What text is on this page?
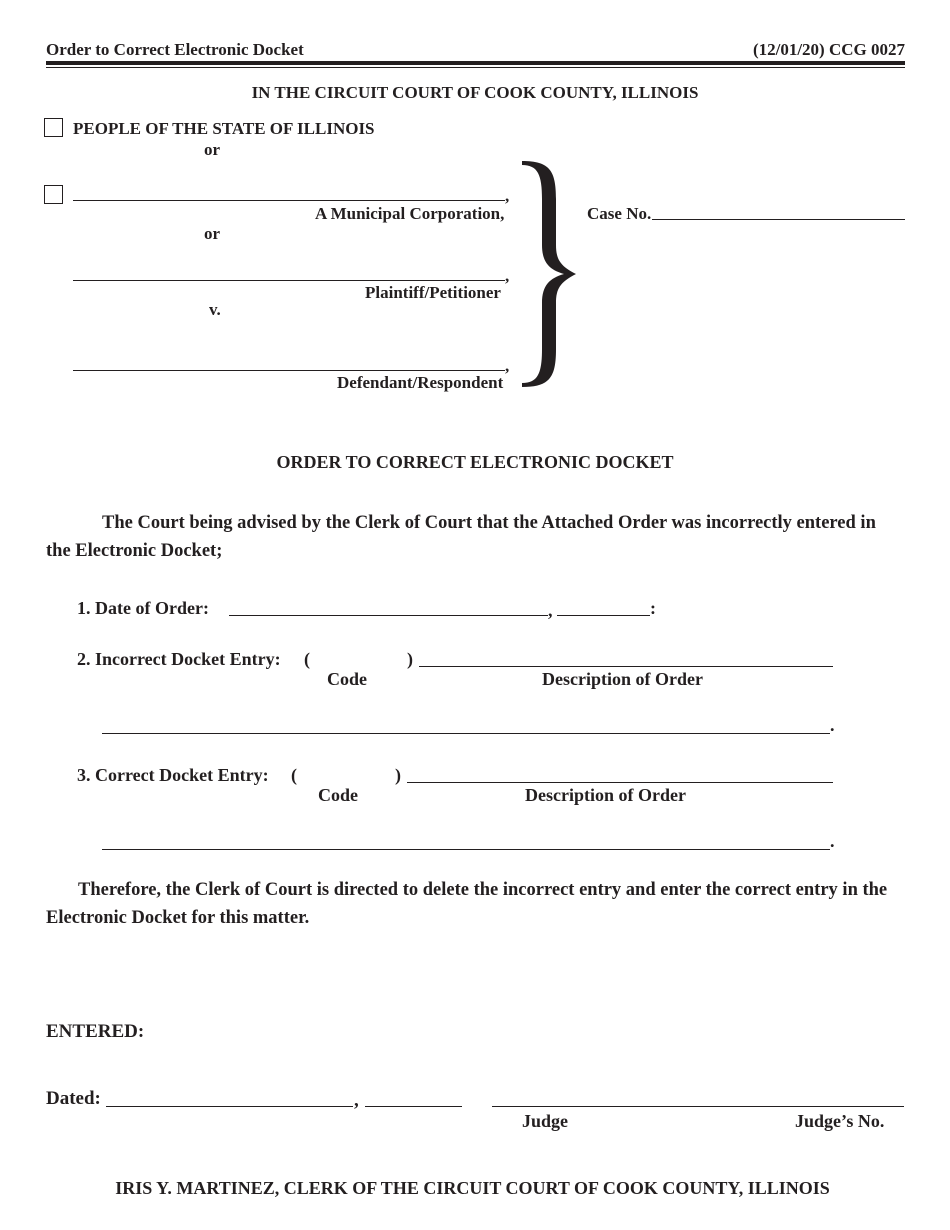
Order to Correct Electronic Docket	(12/01/20) CCG 0027
IN THE CIRCUIT COURT OF COOK COUNTY, ILLINOIS
PEOPLE OF THE STATE OF ILLINOIS
or
,
A Municipal Corporation,
or
,
Plaintiff/Petitioner
v.
,
Defendant/Respondent
Case No.
ORDER TO CORRECT ELECTRONIC DOCKET
The Court being advised by the Clerk of Court that the Attached Order was incorrectly entered in the Electronic Docket;
1. Date of Order:	,	:
2. Incorrect Docket Entry: (	)
Code	Description of Order
.
3. Correct Docket Entry: (	)
Code	Description of Order
.
Therefore, the Clerk of Court is directed to delete the incorrect entry and enter the correct entry in the Electronic Docket for this matter.
ENTERED:
Dated:	,
Judge	Judge’s No.
IRIS Y. MARTINEZ, CLERK OF THE CIRCUIT COURT OF COOK COUNTY, ILLINOIS
